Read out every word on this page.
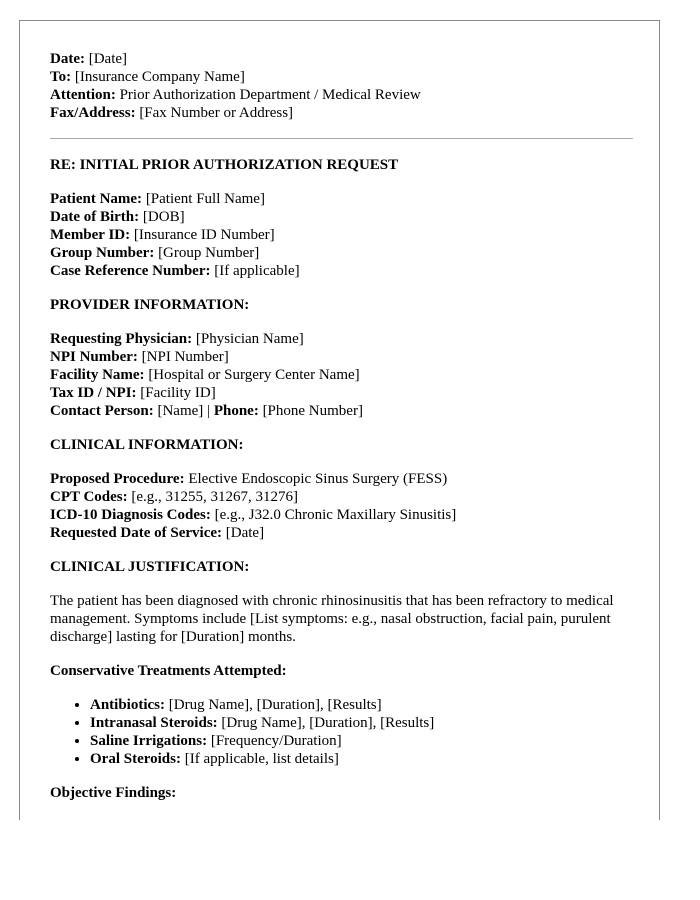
Date: [Date]

To: [Insurance Company Name]

Attention: Prior Authorization Department / Medical Review

Fax/Address: [Fax Number or Address]

RE: INITIAL PRIOR AUTHORIZATION REQUEST

Patient Name: [Patient Full Name]

Date of Birth: [DOB]

Member ID: [Insurance ID Number]

Group Number: [Group Number]

Case Reference Number: [If applicable]

PROVIDER INFORMATION:

Requesting Physician: [Physician Name]

NPI Number: [NPI Number]

Facility Name: [Hospital or Surgery Center Name]

Tax ID / NPI: [Facility ID]

Contact Person: [Name] | Phone: [Phone Number]

CLINICAL INFORMATION:

Proposed Procedure: Elective Endoscopic Sinus Surgery (FESS)

CPT Codes: [e.g., 31255, 31267, 31276]

ICD-10 Diagnosis Codes: [e.g., J32.0 Chronic Maxillary Sinusitis]

Requested Date of Service: [Date]

CLINICAL JUSTIFICATION:

The patient has been diagnosed with chronic rhinosinusitis that has been refractory to medical management. Symptoms include [List symptoms: e.g., nasal obstruction, facial pain, purulent discharge] lasting for [Duration] months.

Conservative Treatments Attempted:

• Antibiotics: [Drug Name], [Duration], [Results]
• Intranasal Steroids: [Drug Name], [Duration], [Results]
• Saline Irrigations: [Frequency/Duration]
• Oral Steroids: [If applicable, list details]

Objective Findings:
